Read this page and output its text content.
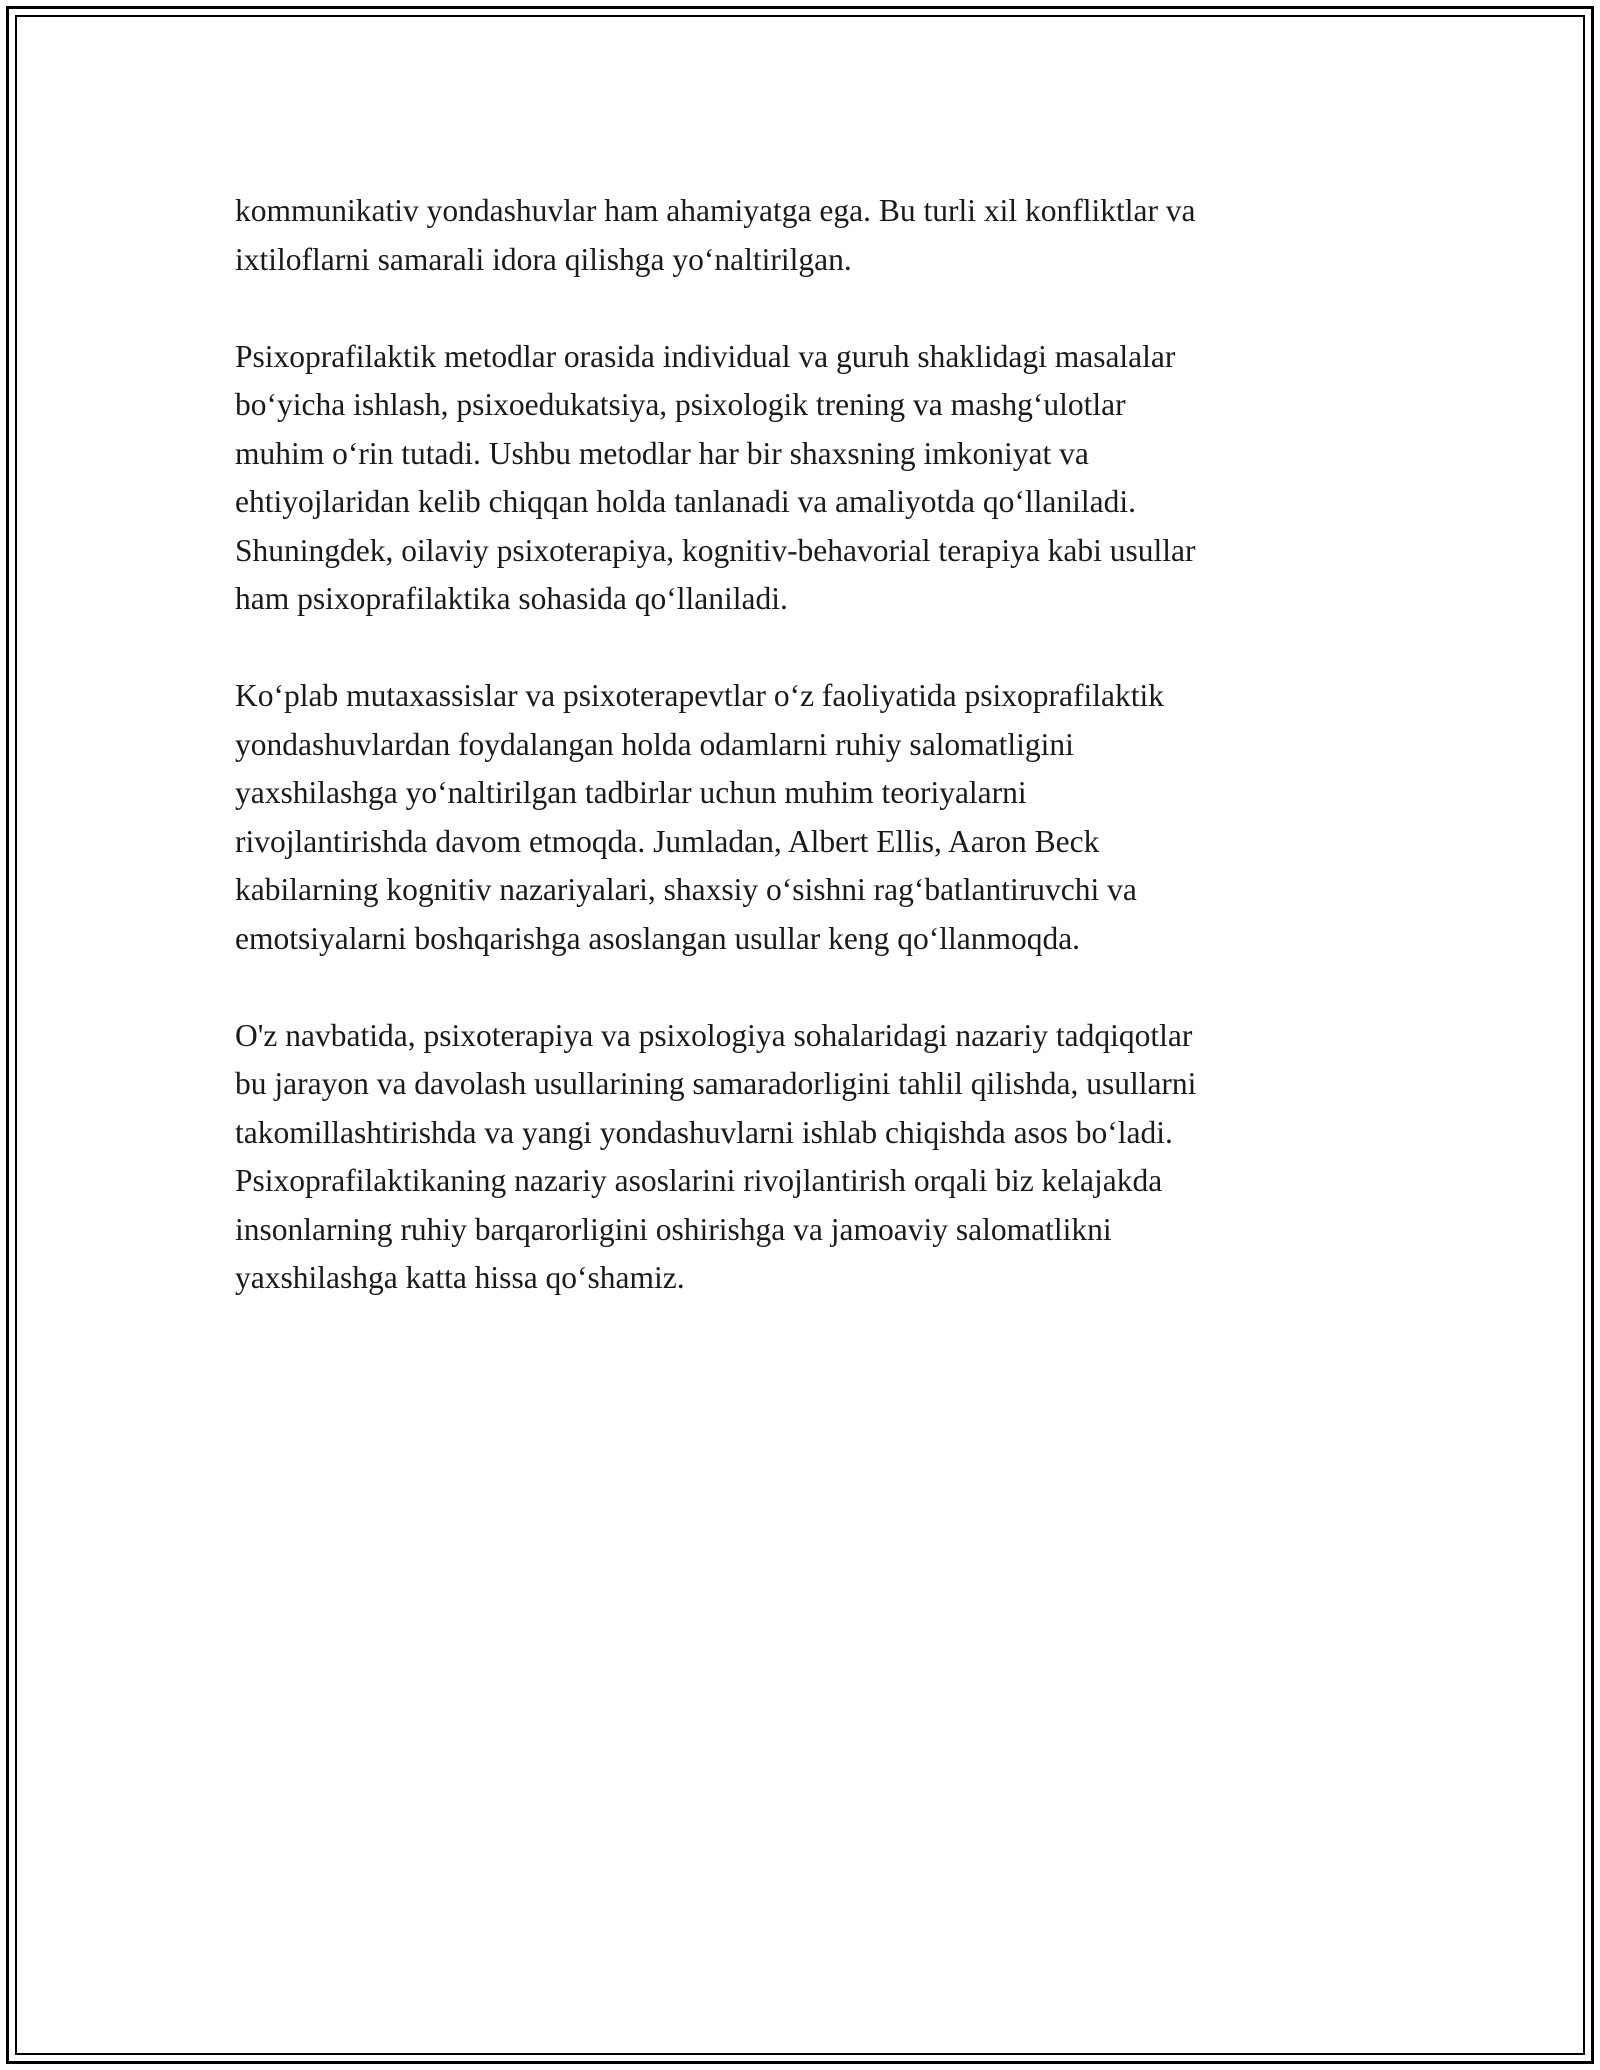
kommunikativ yondashuvlar ham ahamiyatga ega. Bu turli xil konfliktlar va
ixtiloflarni samarali idora qilishga yo‘naltirilgan.

Psixoprafilaktik metodlar orasida individual va guruh shaklidagi masalalar
bo‘yicha ishlash, psixoedukatsiya, psixologik trening va mashg‘ulotlar
muhim o‘rin tutadi. Ushbu metodlar har bir shaxsning imkoniyat va
ehtiyojlaridan kelib chiqqan holda tanlanadi va amaliyotda qo‘llaniladi.
Shuningdek, oilaviy psixoterapiya, kognitiv-behavorial terapiya kabi usullar
ham psixoprafilaktika sohasida qo‘llaniladi.

Ko‘plab mutaxassislar va psixoterapevtlar o‘z faoliyatida psixoprafilaktik
yondashuvlardan foydalangan holda odamlarni ruhiy salomatligini
yaxshilashga yo‘naltirilgan tadbirlar uchun muhim teoriyalarni
rivojlantirishda davom etmoqda. Jumladan, Albert Ellis, Aaron Beck
kabilarning kognitiv nazariyalari, shaxsiy o‘sishni rag‘batlantiruvchi va
emotsiyalarni boshqarishga asoslangan usullar keng qo‘llanmoqda.

O'z navbatida, psixoterapiya va psixologiya sohalaridagi nazariy tadqiqotlar
bu jarayon va davolash usullarining samaradorligini tahlil qilishda, usullarni
takomillashtirishda va yangi yondashuvlarni ishlab chiqishda asos bo‘ladi.
Psixoprafilaktikaning nazariy asoslarini rivojlantirish orqali biz kelajakda
insonlarning ruhiy barqarorligini oshirishga va jamoaviy salomatlikni
yaxshilashga katta hissa qo‘shamiz.
